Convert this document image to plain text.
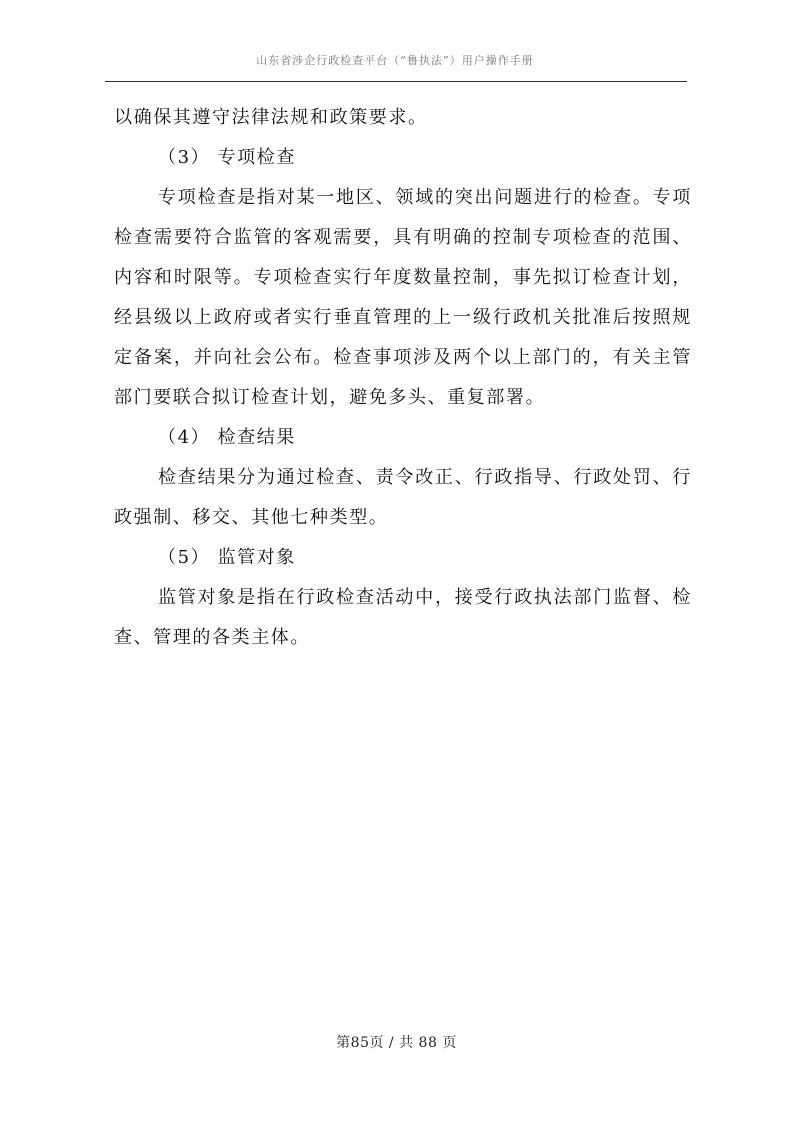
山东省涉企行政检查平台（“鲁执法”）用户操作手册

以确保其遵守法律法规和政策要求。

（3） 专项检查

专项检查是指对某一地区、领域的突出问题进行的检查。专项检查需要符合监管的客观需要，具有明确的控制专项检查的范围、内容和时限等。专项检查实行年度数量控制，事先拟订检查计划，经县级以上政府或者实行垂直管理的上一级行政机关批准后按照规定备案，并向社会公布。检查事项涉及两个以上部门的，有关主管部门要联合拟订检查计划，避免多头、重复部署。

（4） 检查结果

检查结果分为通过检查、责令改正、行政指导、行政处罚、行政强制、移交、其他七种类型。

（5） 监管对象

监管对象是指在行政检查活动中，接受行政执法部门监督、检查、管理的各类主体。

第85页 / 共 88 页
